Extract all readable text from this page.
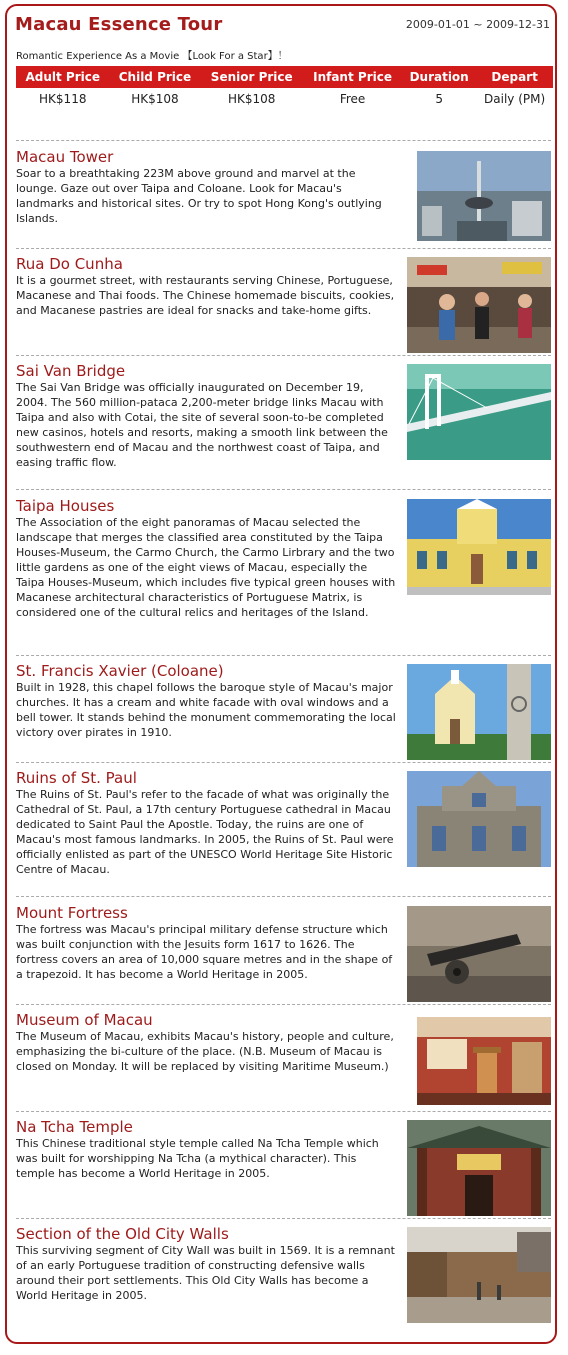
Macau Essence Tour	2009-01-01 ~ 2009-12-31
Romantic Experience As a Movie 【Look For a Star】！
Adult Price	Child Price	Senior Price	Infant Price	Duration	Depart
HK$118	HK$108	HK$108	Free	5	Daily (PM)
Macau Tower

Soar to a breathtaking 223M above ground and marvel at the lounge. Gaze out over Taipa and Coloane. Look for Macau's landmarks and historical sites. Or try to spot Hong Kong's outlying Islands.

Rua Do Cunha

It is a gourmet street, with restaurants serving Chinese, Portuguese, Macanese and Thai foods. The Chinese homemade biscuits, cookies, and Macanese pastries are ideal for snacks and take-home gifts.

Sai Van Bridge

The Sai Van Bridge was officially inaugurated on December 19, 2004. The 560 million-pataca 2,200-meter bridge links Macau with Taipa and also with Cotai, the site of several soon-to-be completed new casinos, hotels and resorts, making a smooth link between the southwestern end of Macau and the northwest coast of Taipa, and easing traffic flow.

Taipa Houses

The Association of the eight panoramas of Macau selected the landscape that merges the classified area constituted by the Taipa Houses-Museum, the Carmo Church, the Carmo Lirbrary and the two little gardens as one of the eight views of Macau, especially the Taipa Houses-Museum, which includes five typical green houses with Macanese architectural characteristics of Portuguese Matrix, is considered one of the cultural relics and heritages of the Island.

St. Francis Xavier (Coloane)

Built in 1928, this chapel follows the baroque style of Macau's major churches. It has a cream and white facade with oval windows and a bell tower. It stands behind the monument commemorating the local victory over pirates in 1910.

Ruins of St. Paul

The Ruins of St. Paul's refer to the facade of what was originally the Cathedral of St. Paul, a 17th century Portuguese cathedral in Macau dedicated to Saint Paul the Apostle. Today, the ruins are one of Macau's most famous landmarks. In 2005, the Ruins of St. Paul were officially enlisted as part of the UNESCO World Heritage Site Historic Centre of Macau.

Mount Fortress

The fortress was Macau's principal military defense structure which was built conjunction with the Jesuits form 1617 to 1626. The fortress covers an area of 10,000 square metres and in the shape of a trapezoid. It has become a World Heritage in 2005.

Museum of Macau

The Museum of Macau, exhibits Macau's history, people and culture, emphasizing the bi-culture of the place. (N.B. Museum of Macau is closed on Monday. It will be replaced by visiting Maritime Museum.)

Na Tcha Temple

This Chinese traditional style temple called Na Tcha Temple which was built for worshipping Na Tcha (a mythical character). This temple has become a World Heritage in 2005.

Section of the Old City Walls

This surviving segment of City Wall was built in 1569. It is a remnant of an early Portuguese tradition of constructing defensive walls around their port settlements. This Old City Walls has become a World Heritage in 2005.
